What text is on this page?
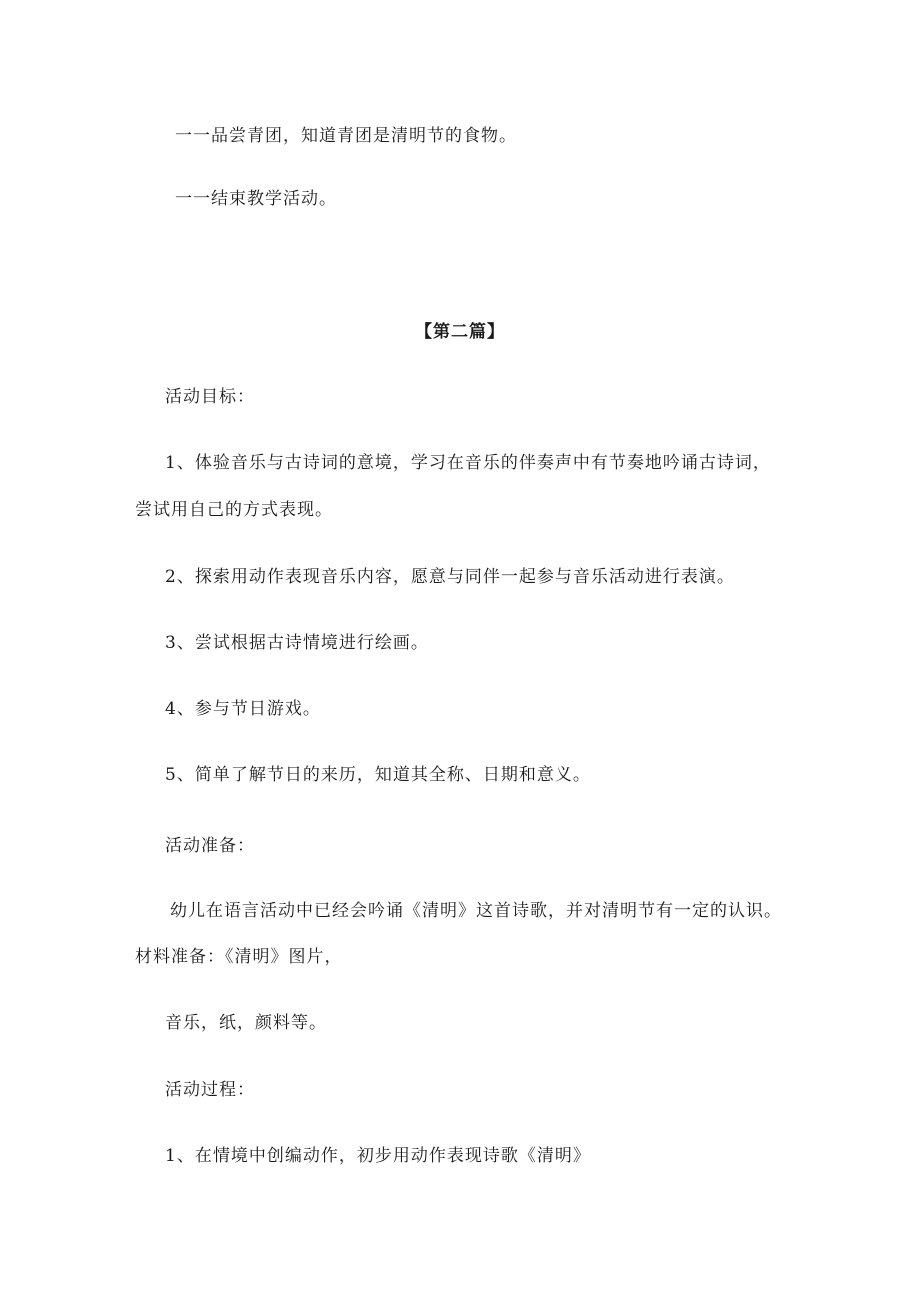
一一品尝青团，知道青团是清明节的食物。
一一结束教学活动。
【第二篇】
活动目标：
1、体验音乐与古诗词的意境，学习在音乐的伴奏声中有节奏地吟诵古诗词，
尝试用自己的方式表现。
2、探索用动作表现音乐内容，愿意与同伴一起参与音乐活动进行表演。
3、尝试根据古诗情境进行绘画。
4、参与节日游戏。
5、简单了解节日的来历，知道其全称、日期和意义。
活动准备：
幼儿在语言活动中已经会吟诵《清明》这首诗歌，并对清明节有一定的认识。
材料准备：《清明》图片，
音乐，纸，颜料等。
活动过程：
1、在情境中创编动作，初步用动作表现诗歌《清明》
